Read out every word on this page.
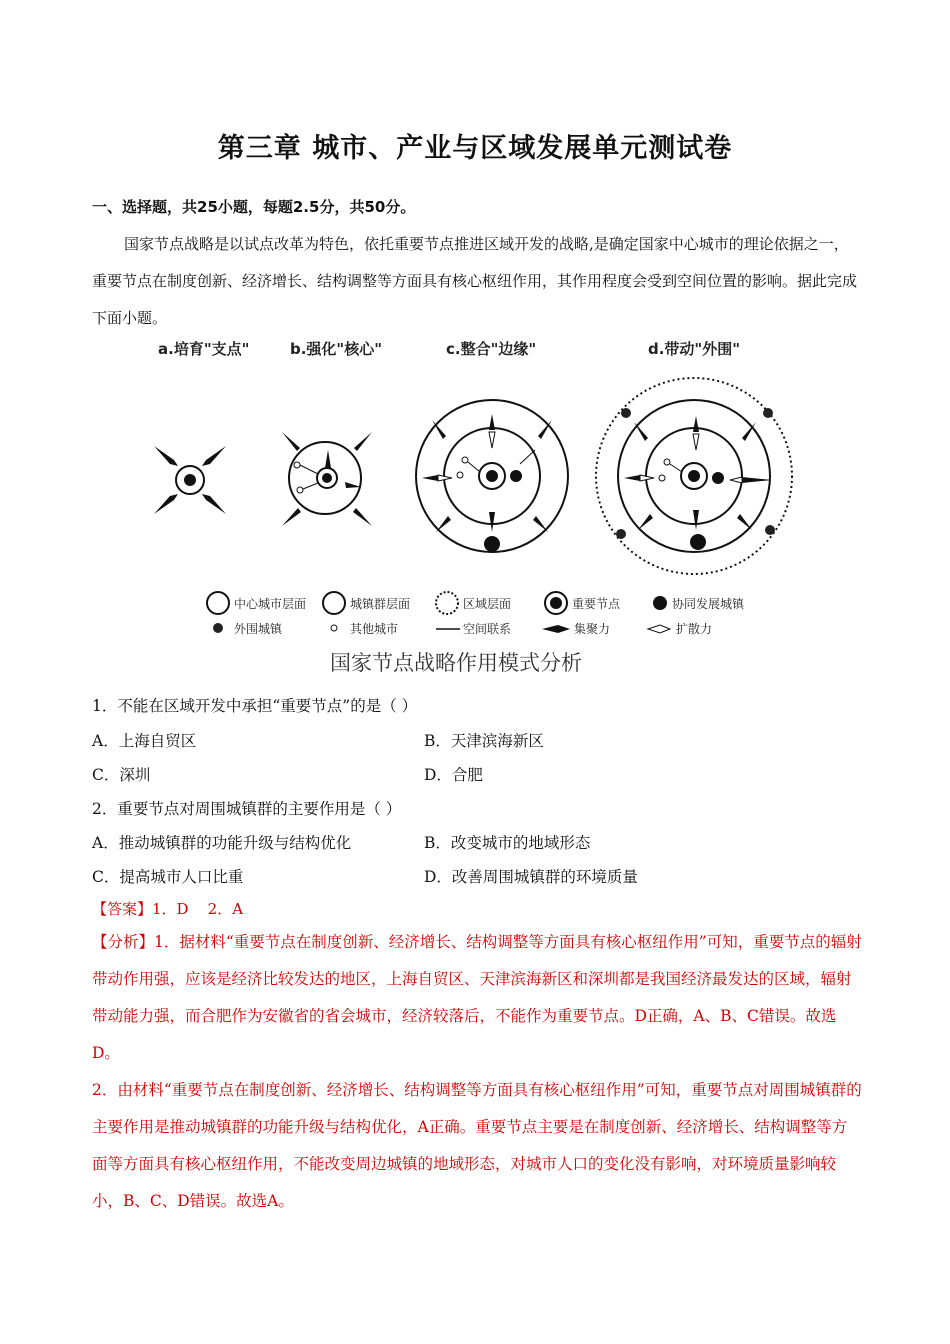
第三章 城市、产业与区域发展单元测试卷
一、选择题，共25小题，每题2.5分，共50分。

国家节点战略是以试点改革为特色，依托重要节点推进区域开发的战略,是确定国家中心城市的理论依据之一，重要节点在制度创新、经济增长、结构调整等方面具有核心枢纽作用，其作用程度会受到空间位置的影响。据此完成下面小题。

a.培育"支点"	b.强化"核心"	c.整合"边缘"	d.带动"外围"
中心城市层面	城镇群层面	区域层面	重要节点	协同发展城镇
外围城镇	其他城市	空间联系	集聚力	扩散力
国家节点战略作用模式分析
1．不能在区域开发中承担“重要节点”的是（ ）
A．上海自贸区	B．天津滨海新区
C．深圳	D．合肥
2．重要节点对周围城镇群的主要作用是（ ）
A．推动城镇群的功能升级与结构优化	B．改变城市的地域形态
C．提高城市人口比重	D．改善周围城镇群的环境质量
【答案】1．D    2．A

【分析】1．据材料“重要节点在制度创新、经济增长、结构调整等方面具有核心枢纽作用”可知，重要节点的辐射带动作用强，应该是经济比较发达的地区，上海自贸区、天津滨海新区和深圳都是我国经济最发达的区域，辐射带动能力强，而合肥作为安徽省的省会城市，经济较落后，不能作为重要节点。D正确，A、B、C错误。故选D。

2．由材料“重要节点在制度创新、经济增长、结构调整等方面具有核心枢纽作用”可知，重要节点对周围城镇群的主要作用是推动城镇群的功能升级与结构优化，A正确。重要节点主要是在制度创新、经济增长、结构调整等方面等方面具有核心枢纽作用，不能改变周边城镇的地域形态，对城市人口的变化没有影响，对环境质量影响较小，B、C、D错误。故选A。
